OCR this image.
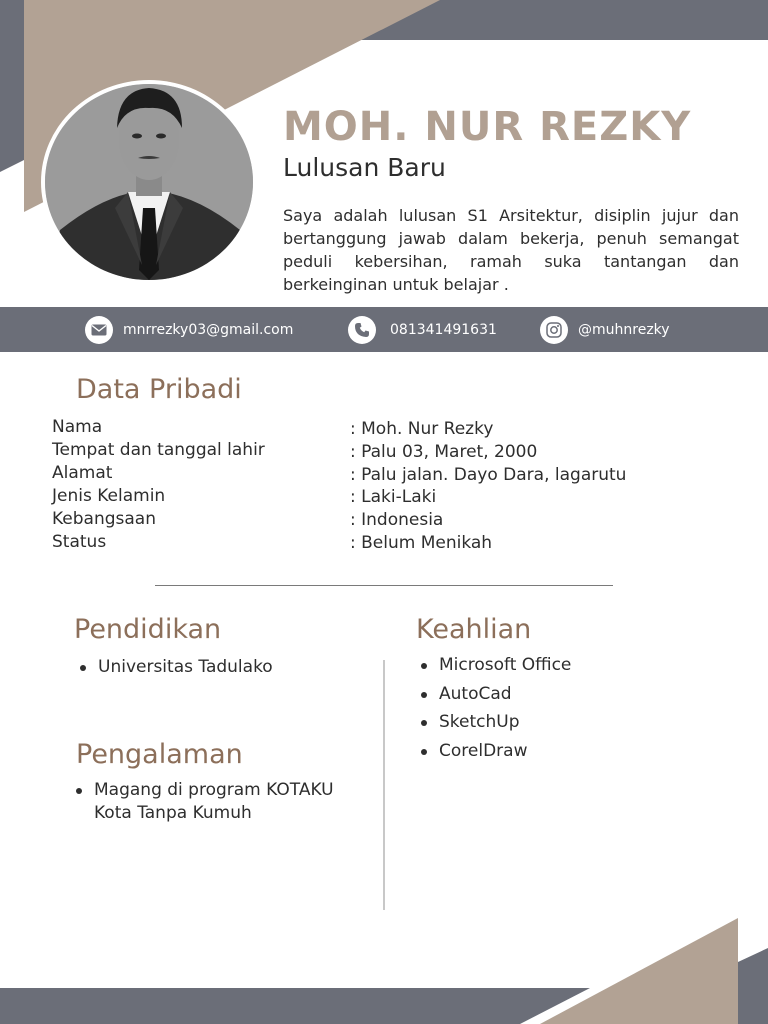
MOH. NUR REZKY
Lulusan Baru
Saya adalah lulusan S1 Arsitektur, disiplin jujur dan bertanggung jawab dalam bekerja, penuh semangat peduli kebersihan, ramah suka tantangan dan berkeinginan untuk belajar .
mnrrezky03@gmail.com	081341491631	@muhnrezky
Data Pribadi
Nama	: Moh. Nur Rezky
Tempat dan tanggal lahir	: Palu 03, Maret, 2000
Alamat	: Palu jalan. Dayo Dara, lagarutu
Jenis Kelamin	: Laki-Laki
Kebangsaan	: Indonesia
Status	: Belum Menikah
Pendidikan
Universitas Tadulako
Pengalaman
Magang di program KOTAKU Kota Tanpa Kumuh
Keahlian
Microsoft Office
AutoCad
SketchUp
CorelDraw
